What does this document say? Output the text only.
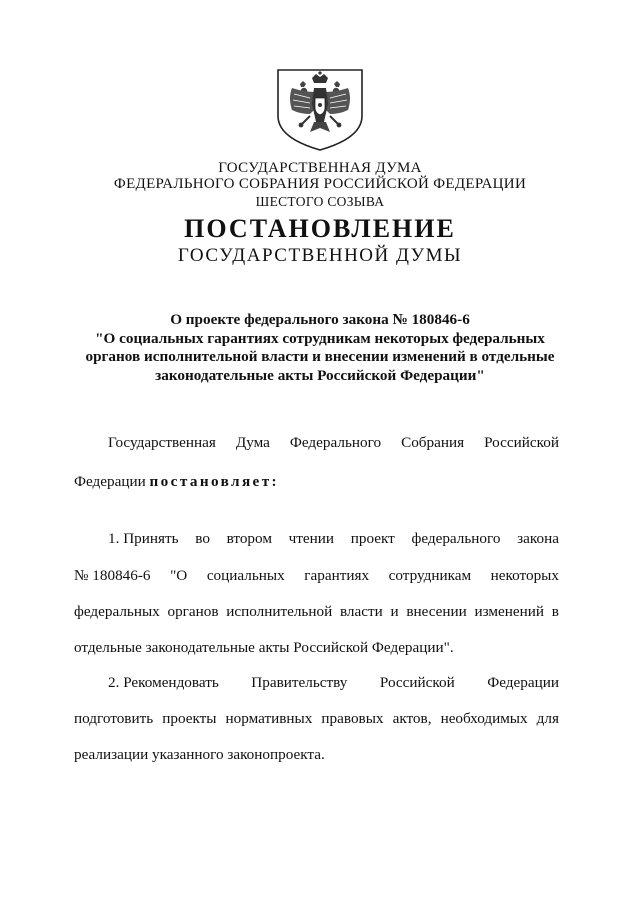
ГОСУДАРСТВЕННАЯ ДУМА
ФЕДЕРАЛЬНОГО СОБРАНИЯ РОССИЙСКОЙ ФЕДЕРАЦИИ
ШЕСТОГО СОЗЫВА
ПОСТАНОВЛЕНИЕ
ГОСУДАРСТВЕННОЙ ДУМЫ
О проекте федерального закона № 180846-6
"О социальных гарантиях сотрудникам некоторых федеральных
органов исполнительной власти и внесении изменений в отдельные
законодательные акты Российской Федерации"
Государственная Дума Федерального Собрания Российской
Федерации постановляет:
1. Принять во втором чтении проект федерального закона
№ 180846-6 "О социальных гарантиях сотрудникам некоторых
федеральных органов исполнительной власти и внесении изменений в
отдельные законодательные акты Российской Федерации".
2. Рекомендовать Правительству Российской Федерации
подготовить проекты нормативных правовых актов, необходимых для
реализации указанного законопроекта.
